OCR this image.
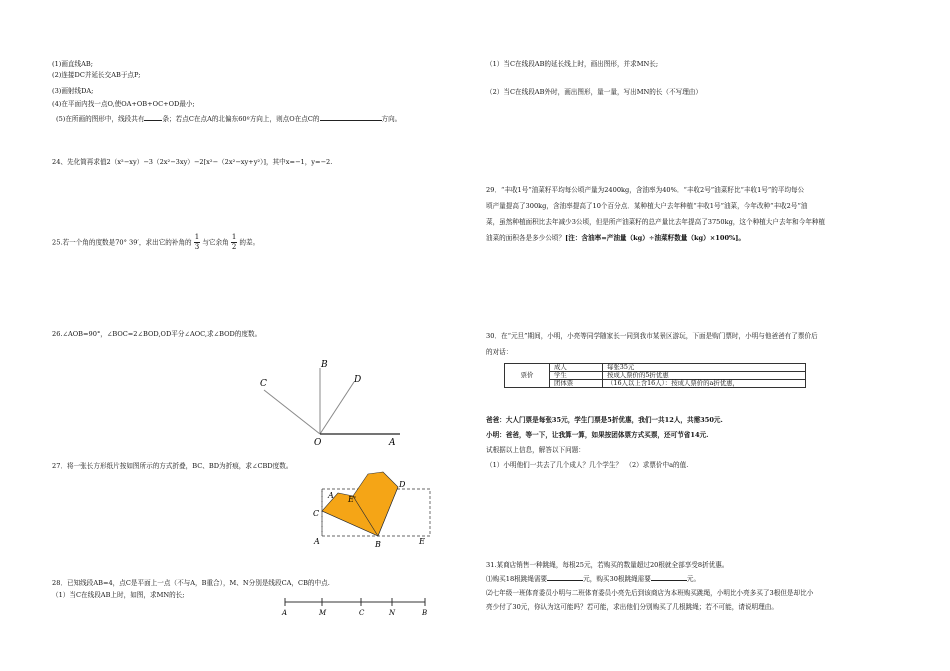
(1)画直线AB;
(2)连接DC并延长交AB于点P;
(3)画射线DA;
(4)在平面内找一点O,使OA+OB+OC+OD最小;
(5)在所画的图形中，线段共有	条；若点C在点A的北偏东60º方向上，则点O在点C的	方向。
24、先化简再求值2（x²−xy）−3（2x²−3xy）−2[x²−（2x²−xy+y²）]，其中x=−1，y=−2.
25.若一个角的度数是70° 39′，求出它的补角的 $\frac{1}{3}$ 与它余角 $\frac{1}{2}$ 的差。
26.∠AOB=90°，∠BOC=2∠BOD,OD平分∠AOC,求∠BOD的度数。
B
D
C
O	A
27．将一张长方形纸片按如图所示的方式折叠，BC、BD为折痕，求∠CBD度数。
A E'
D
C
A	B	E
28．已知线段AB=4，点C是平面上一点（不与A，B重合），M、N分别是线段CA，CB的中点.
（1）当C在线段AB上时，如图，求MN的长;
A	M	C	N	B
（1）当C在线段AB的延长线上时，画出图形，并求MN长;
（2）当C在线段AB外时，画出图形，量一量，写出MN的长（不写理由）
29．“丰收1号”油菜籽平均每公顷产量为2400kg，含油率为40%．“丰收2号”油菜籽比“丰收1号”的平均每公
顷产量提高了300kg，含油率提高了10个百分点．某种植大户去年种植“丰收1号”油菜，今年改种“丰收2号”油
菜，虽然种植面积比去年减少3公顷，但是所产油菜籽的总产量比去年提高了3750kg，这个种植大户去年和今年种植
油菜的面积各是多少公顷？[注：含油率=产油量（kg）÷油菜籽数量（kg）×100%]。
30．在“元旦”期间，小明，小亮等同学随家长一同到我市某景区游玩，下面是购门票时，小明与他爸爸有了票价后
的对话：
票价	成人	每张35元
	学生	按成人票价的5折优惠
	团体票	（16人以上含16人）：按成人票价的a折优惠，
爸爸：大人门票是每张35元，学生门票是5折优惠，我们一共12人，共需350元.
小明：爸爸，等一下，让我算一算，如果按团体票方式买票，还可节省14元.
试根据以上信息，解答以下问题：
（1）小明他们一共去了几个成人？几个学生？　（2）求票价中a的值.
31.某商店销售一种跳绳，每根25元，若购买的数量超过20根就全部享受8折优惠。
⑴购买18根跳绳需要	元，购买30根跳绳需要	元。
⑵七年级一班体育委员小明与二班体育委员小亮先后到该商店为本班购买跳绳，小明比小亮多买了3根但是却比小
亮少付了30元，你认为这可能吗？若可能，求出他们分别购买了几根跳绳；若不可能，请说明理由。
